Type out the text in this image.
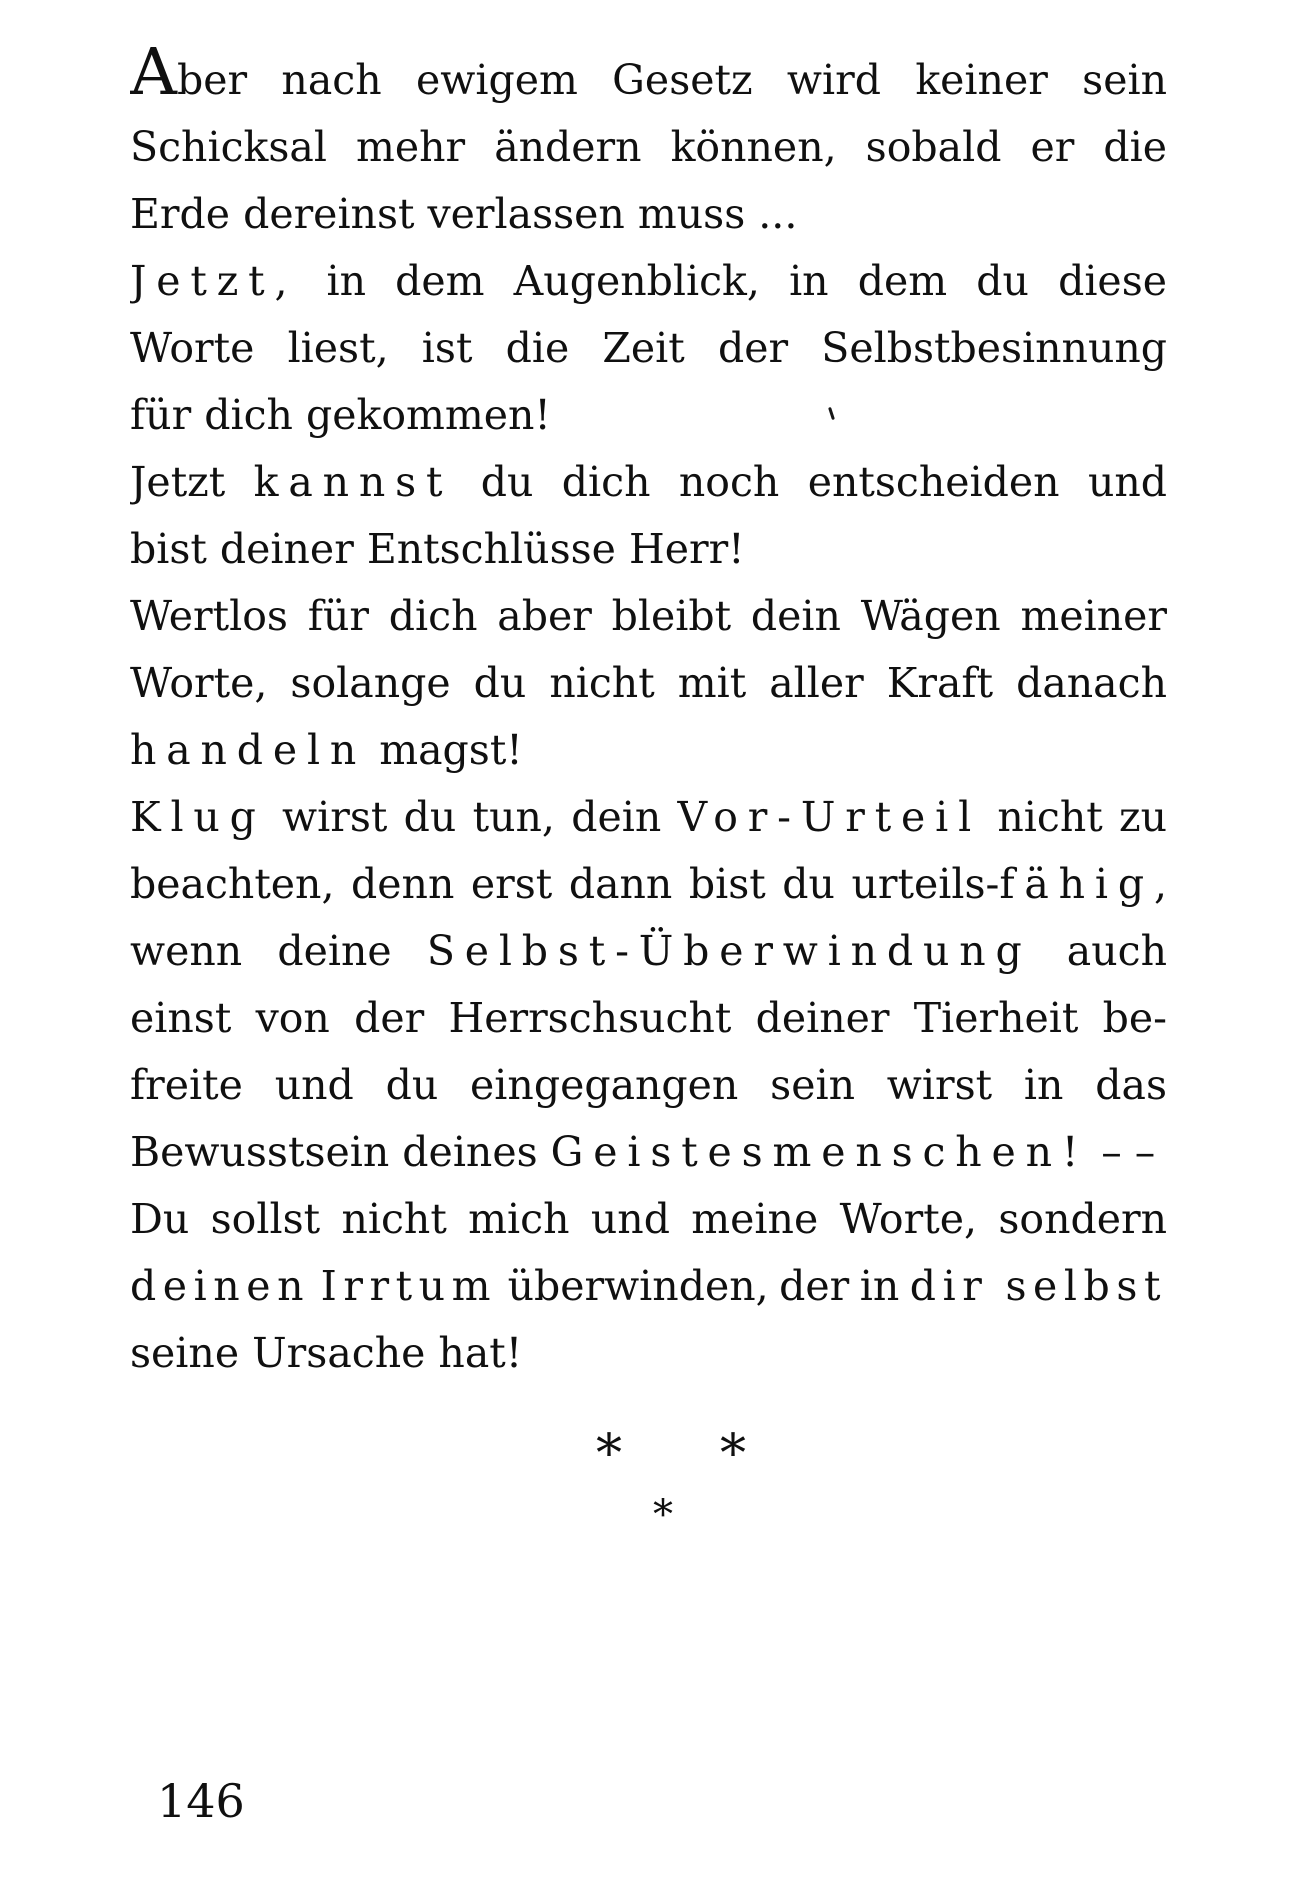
Aber nach ewigem Gesetz wird keiner sein
Schicksal mehr ändern können, sobald er die
Erde dereinst verlassen muss ...
Jetzt, in dem Augenblick, in dem du diese
Worte liest, ist die Zeit der Selbstbesinnung
für dich gekommen!
Jetzt kannst du dich noch entscheiden und
bist deiner Entschlüsse Herr!
Wertlos für dich aber bleibt dein Wägen meiner
Worte, solange du nicht mit aller Kraft danach
handeln magst!
Klug wirst du tun, dein Vor-Urteil nicht zu
beachten, denn erst dann bist du urteils-fähig,
wenn deine Selbst-Überwindung auch
einst von der Herrschsucht deiner Tierheit be-
freite und du eingegangen sein wirst in das
Bewusstsein deines Geistesmenschen! – –
Du sollst nicht mich und meine Worte, sondern
deinen Irrtum überwinden, der in dir selbst
seine Ursache hat!
* *
*
146
